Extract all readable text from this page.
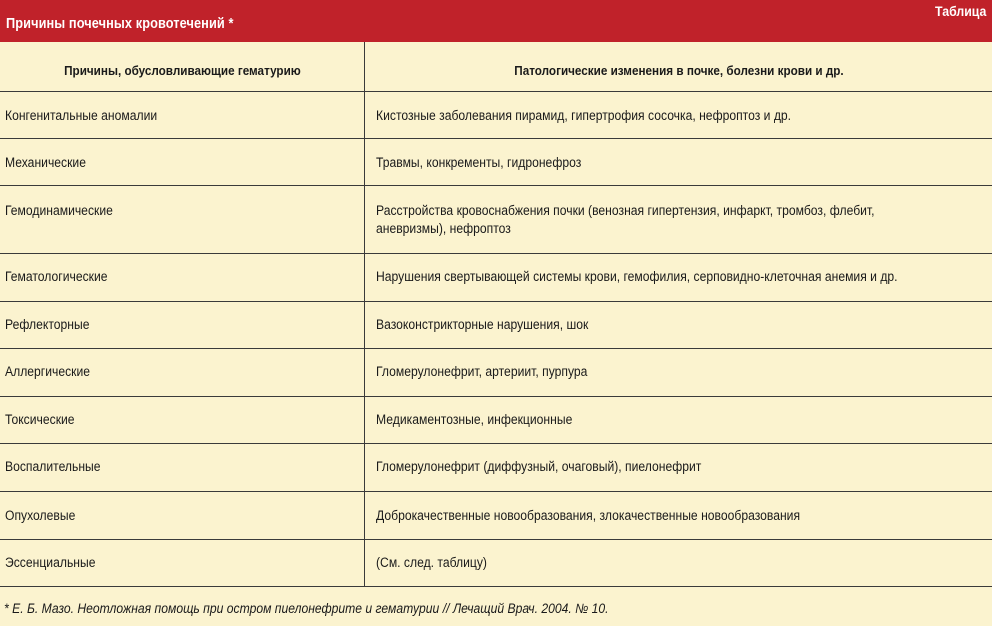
Причины почечных кровотечений *
Таблица
Причины, обусловливающие гематурию	Патологические изменения в почке, болезни крови и др.
Конгенитальные аномалии	Кистозные заболевания пирамид, гипертрофия сосочка, нефроптоз и др.
Механические	Травмы, конкременты, гидронефроз
Гемодинамические	Расстройства кровоснабжения почки (венозная гипертензия, инфаркт, тромбоз, флебит,
аневризмы), нефроптоз
Гематологические	Нарушения свертывающей системы крови, гемофилия, серповидно-клеточная анемия и др.
Рефлекторные	Вазоконстрикторные нарушения, шок
Аллергические	Гломерулонефрит, артериит, пурпура
Токсические	Медикаментозные, инфекционные
Воспалительные	Гломерулонефрит (диффузный, очаговый), пиелонефрит
Опухолевые	Доброкачественные новообразования, злокачественные новообразования
Эссенциальные	(См. след. таблицу)
* Е. Б. Мазо. Неотложная помощь при остром пиелонефрите и гематурии // Лечащий Врач. 2004. № 10.
